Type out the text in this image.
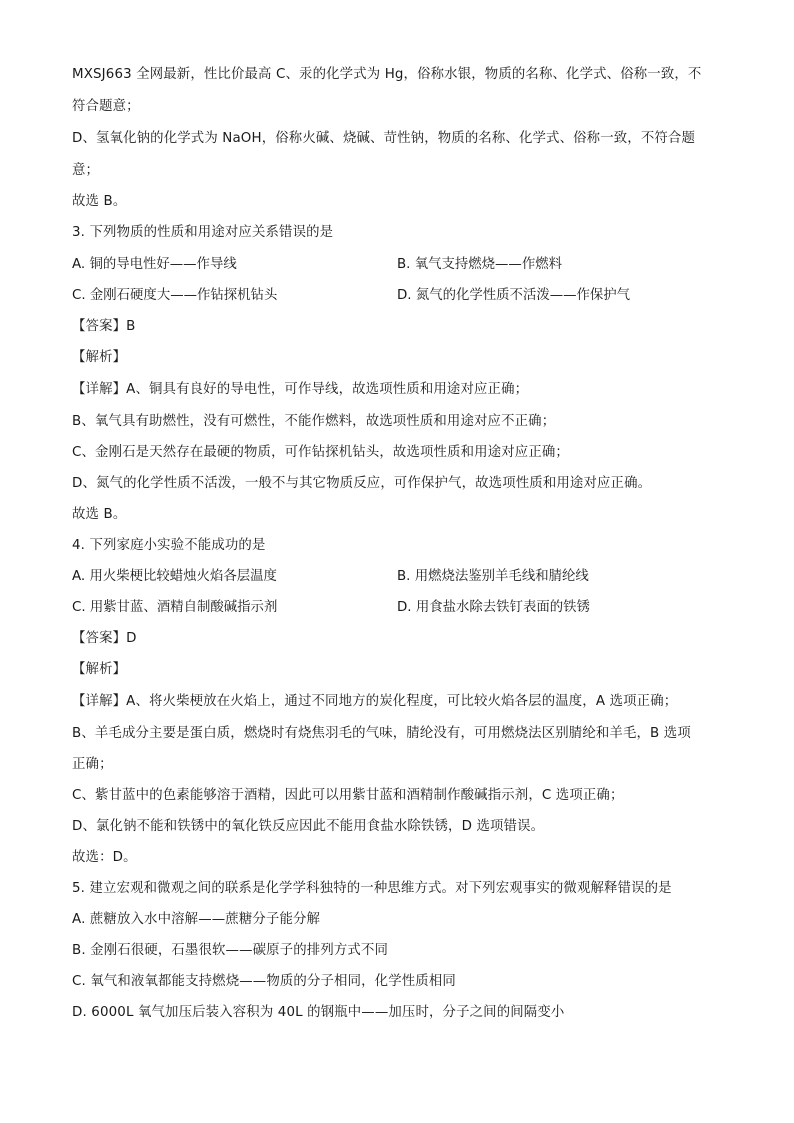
MXSJ663 全网最新，性比价最高 C、汞的化学式为 Hg，俗称水银，物质的名称、化学式、俗称一致，不
符合题意；
D、氢氧化钠的化学式为 NaOH，俗称火碱、烧碱、苛性钠，物质的名称、化学式、俗称一致，不符合题
意；
故选 B。
3. 下列物质的性质和用途对应关系错误的是
A. 铜的导电性好——作导线	B. 氧气支持燃烧——作燃料
C. 金刚石硬度大——作钻探机钻头	D. 氮气的化学性质不活泼——作保护气
【答案】B
【解析】
【详解】A、铜具有良好的导电性，可作导线，故选项性质和用途对应正确；
B、氧气具有助燃性，没有可燃性，不能作燃料，故选项性质和用途对应不正确；
C、金刚石是天然存在最硬的物质，可作钻探机钻头，故选项性质和用途对应正确；
D、氮气的化学性质不活泼，一般不与其它物质反应，可作保护气，故选项性质和用途对应正确。
故选 B。
4. 下列家庭小实验不能成功的是
A. 用火柴梗比较蜡烛火焰各层温度	B. 用燃烧法鉴别羊毛线和腈纶线
C. 用紫甘蓝、酒精自制酸碱指示剂	D. 用食盐水除去铁钉表面的铁锈
【答案】D
【解析】
【详解】A、将火柴梗放在火焰上，通过不同地方的炭化程度，可比较火焰各层的温度，A 选项正确；
B、羊毛成分主要是蛋白质，燃烧时有烧焦羽毛的气味，腈纶没有，可用燃烧法区别腈纶和羊毛，B 选项
正确；
C、紫甘蓝中的色素能够溶于酒精，因此可以用紫甘蓝和酒精制作酸碱指示剂，C 选项正确；
D、氯化钠不能和铁锈中的氧化铁反应因此不能用食盐水除铁锈，D 选项错误。
故选：D。
5. 建立宏观和微观之间的联系是化学学科独特的一种思维方式。对下列宏观事实的微观解释错误的是
A. 蔗糖放入水中溶解——蔗糖分子能分解
B. 金刚石很硬，石墨很软——碳原子的排列方式不同
C. 氧气和液氧都能支持燃烧——物质的分子相同，化学性质相同
D. 6000L 氧气加压后装入容积为 40L 的钢瓶中——加压时，分子之间的间隔变小
